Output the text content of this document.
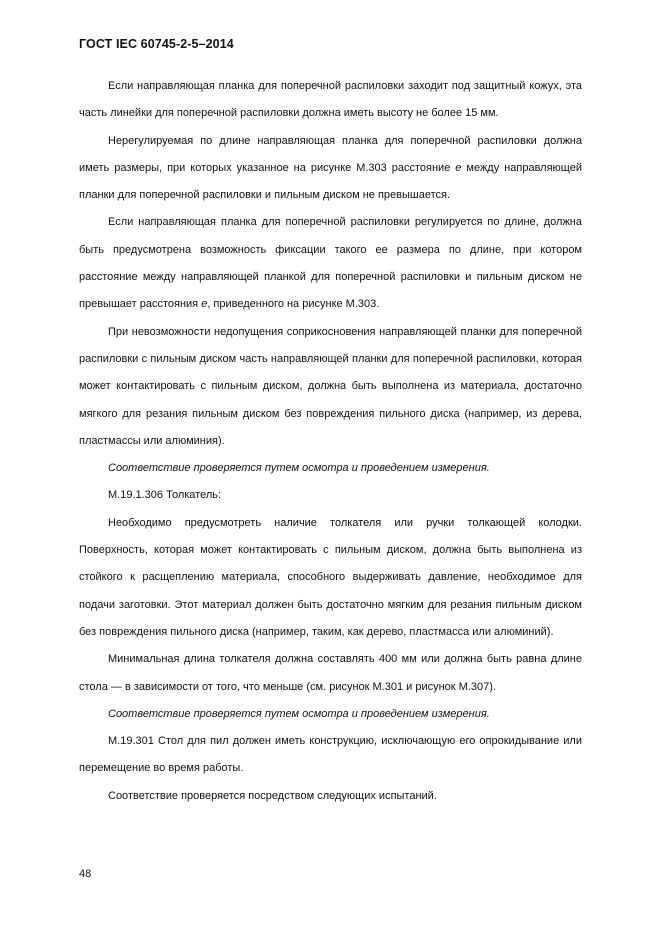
ГОСТ IEC 60745-2-5–2014

Если направляющая планка для поперечной распиловки заходит под защитный кожух, эта часть линейки для поперечной распиловки должна иметь высоту не более 15 мм.

Нерегулируемая по длине направляющая планка для поперечной распиловки должна иметь размеры, при которых указанное на рисунке М.303 расстояние e между направляющей планки для поперечной распиловки и пильным диском не превышается.

Если направляющая планка для поперечной распиловки регулируется по длине, должна быть предусмотрена возможность фиксации такого ее размера по длине, при котором расстояние между направляющей планкой для поперечной распиловки и пильным диском не превышает расстояния e, приведенного на рисунке М.303.

При невозможности недопущения соприкосновения направляющей планки для поперечной распиловки с пильным диском часть направляющей планки для поперечной распиловки, которая может контактировать с пильным диском, должна быть выполнена из материала, достаточно мягкого для резания пильным диском без повреждения пильного диска (например, из дерева, пластмассы или алюминия).

Соответствие проверяется путем осмотра и проведением измерения.

М.19.1.306 Толкатель:

Необходимо предусмотреть наличие толкателя или ручки толкающей колодки. Поверхность, которая может контактировать с пильным диском, должна быть выполнена из стойкого к расщеплению материала, способного выдерживать давление, необходимое для подачи заготовки. Этот материал должен быть достаточно мягким для резания пильным диском без повреждения пильного диска (например, таким, как дерево, пластмасса или алюминий).

Минимальная длина толкателя должна составлять 400 мм или должна быть равна длине стола — в зависимости от того, что меньше (см. рисунок М.301 и рисунок М.307).

Соответствие проверяется путем осмотра и проведением измерения.

М.19.301 Стол для пил должен иметь конструкцию, исключающую его опрокидывание или перемещение во время работы.

Соответствие проверяется посредством следующих испытаний.

48
